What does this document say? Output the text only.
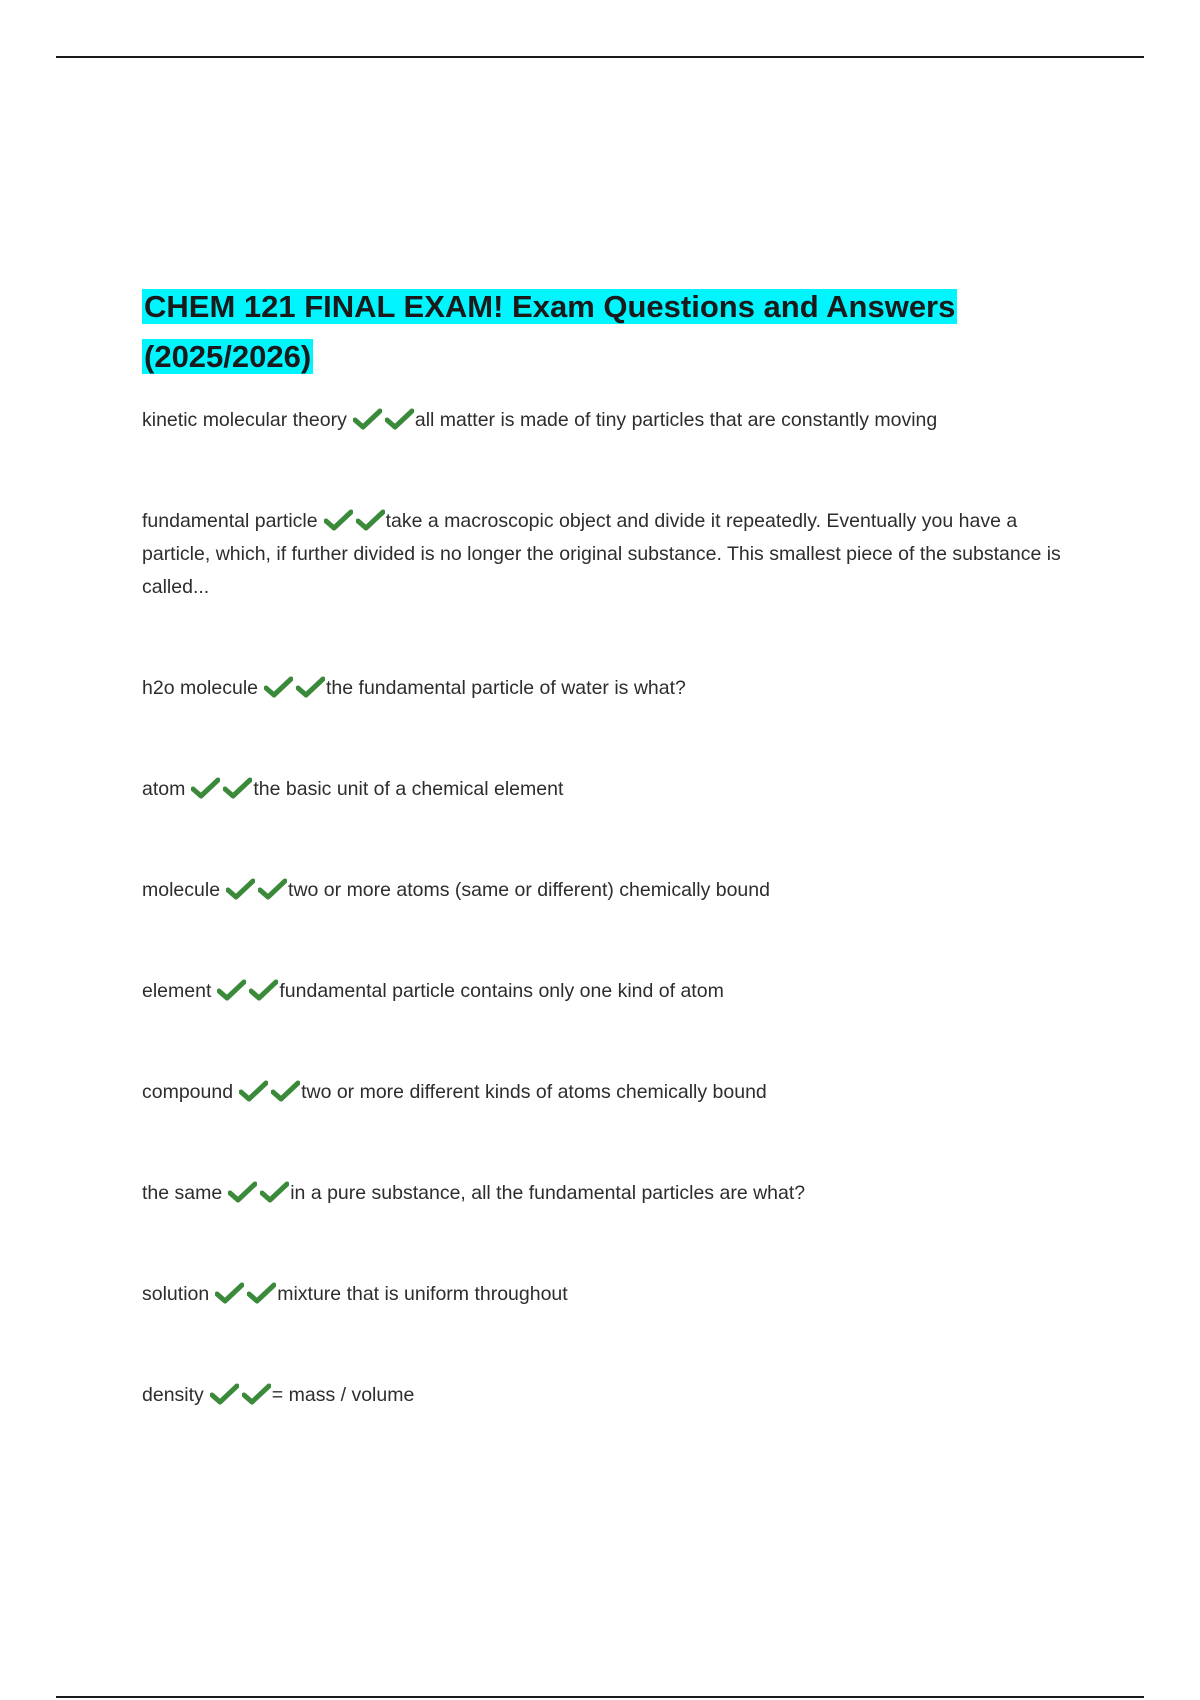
CHEM 121 FINAL EXAM! Exam Questions and Answers
(2025/2026)

kinetic molecular theory	all matter is made of tiny particles that are constantly moving

fundamental particle	take a macroscopic object and divide it repeatedly. Eventually you have a particle, which, if further divided is no longer the original substance. This smallest piece of the substance is called...

h2o molecule	the fundamental particle of water is what?

atom	the basic unit of a chemical element

molecule	two or more atoms (same or different) chemically bound

element	fundamental particle contains only one kind of atom

compound	two or more different kinds of atoms chemically bound

the same	in a pure substance, all the fundamental particles are what?

solution	mixture that is uniform throughout

density	= mass / volume
